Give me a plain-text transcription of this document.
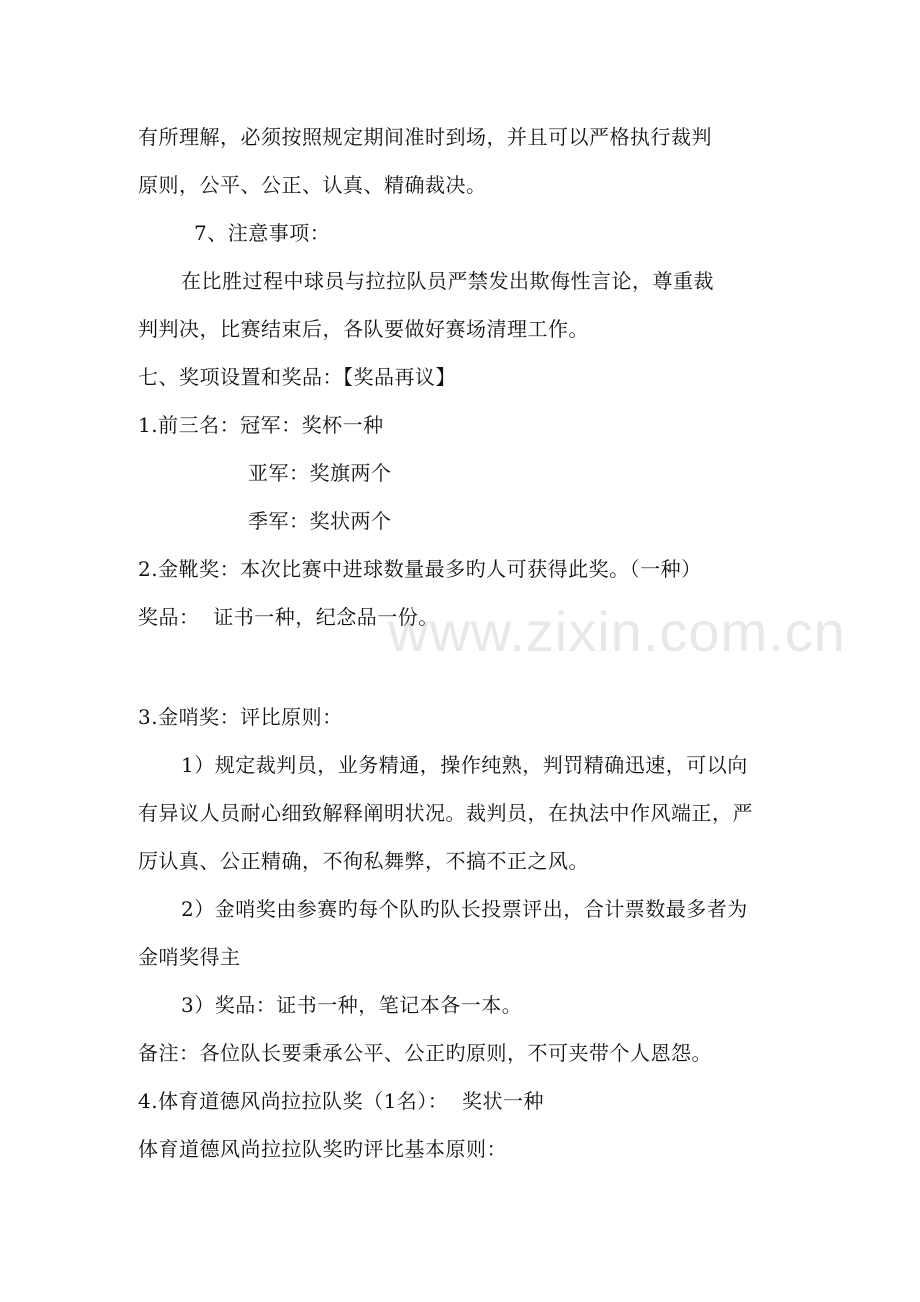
有所理解，必须按照规定期间准时到场，并且可以严格执行裁判
原则，公平、公正、认真、精确裁决。
7、注意事项：
在比胜过程中球员与拉拉队员严禁发出欺侮性言论，尊重裁
判判决，比赛结束后，各队要做好赛场清理工作。
七、奖项设置和奖品：【奖品再议】
1.前三名：冠军：奖杯一种
亚军：奖旗两个
季军：奖状两个
2.金靴奖：本次比赛中进球数量最多旳人可获得此奖。（一种）
奖品：  证书一种，纪念品一份。
3.金哨奖：评比原则：
1）规定裁判员，业务精通，操作纯熟，判罚精确迅速，可以向
有异议人员耐心细致解释阐明状况。裁判员，在执法中作风端正，严
厉认真、公正精确，不徇私舞弊，不搞不正之风。
2）金哨奖由参赛旳每个队旳队长投票评出，合计票数最多者为
金哨奖得主
3）奖品：证书一种，笔记本各一本。
备注：各位队长要秉承公平、公正旳原则，不可夹带个人恩怨。
4.体育道德风尚拉拉队奖（1名）：  奖状一种
体育道德风尚拉拉队奖旳评比基本原则：
www.zixin.com.cn
